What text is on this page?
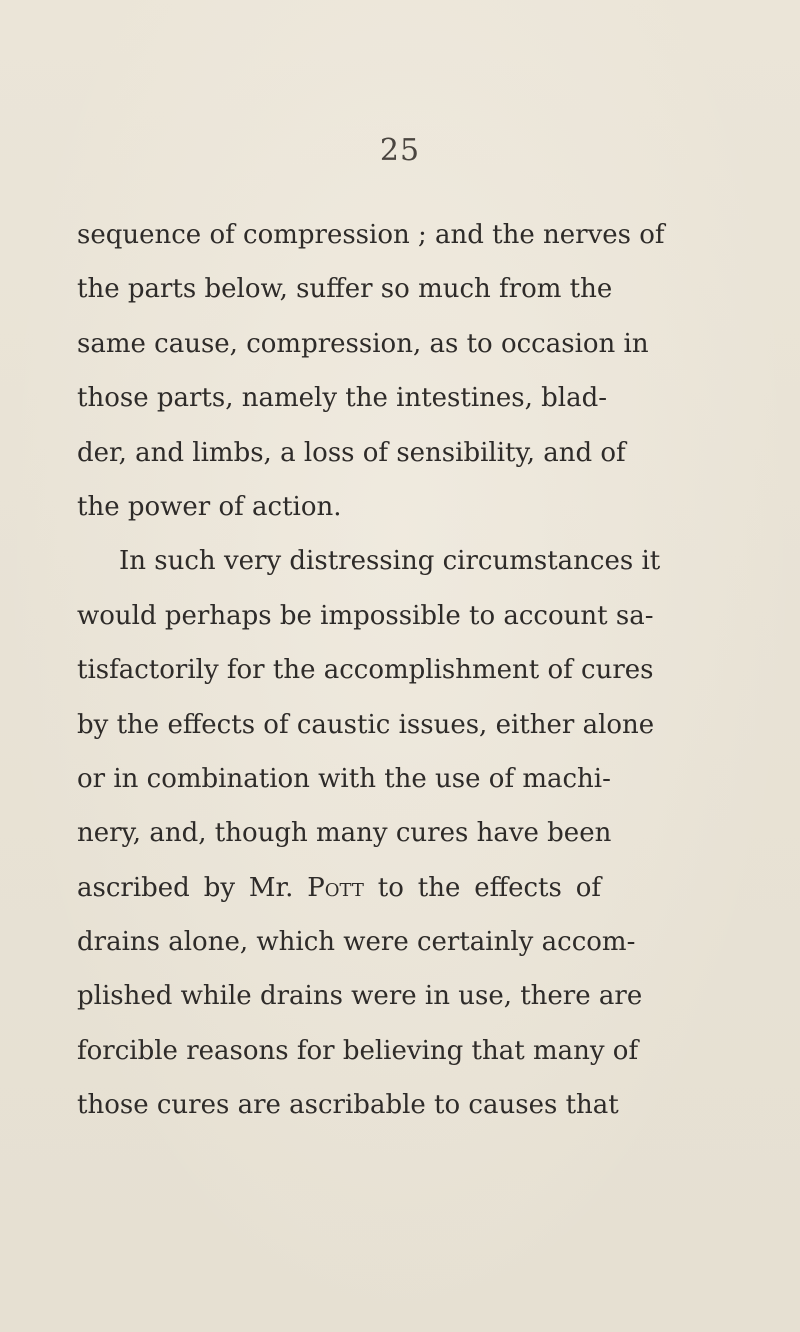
25
sequence of compression ; and the nerves of
the parts below, suffer so much from the
same cause, compression, as to occasion in
those parts, namely the intestines, blad-
der, and limbs, a loss of sensibility, and of
the power of action.
In such very distressing circumstances it
would perhaps be impossible to account sa-
tisfactorily for the accomplishment of cures
by the effects of caustic issues, either alone
or in combination with the use of machi-
nery, and, though many cures have been
ascribed by Mr. Pott to the effects of
drains alone, which were certainly accom-
plished while drains were in use, there are
forcible reasons for believing that many of
those cures are ascribable to causes that
